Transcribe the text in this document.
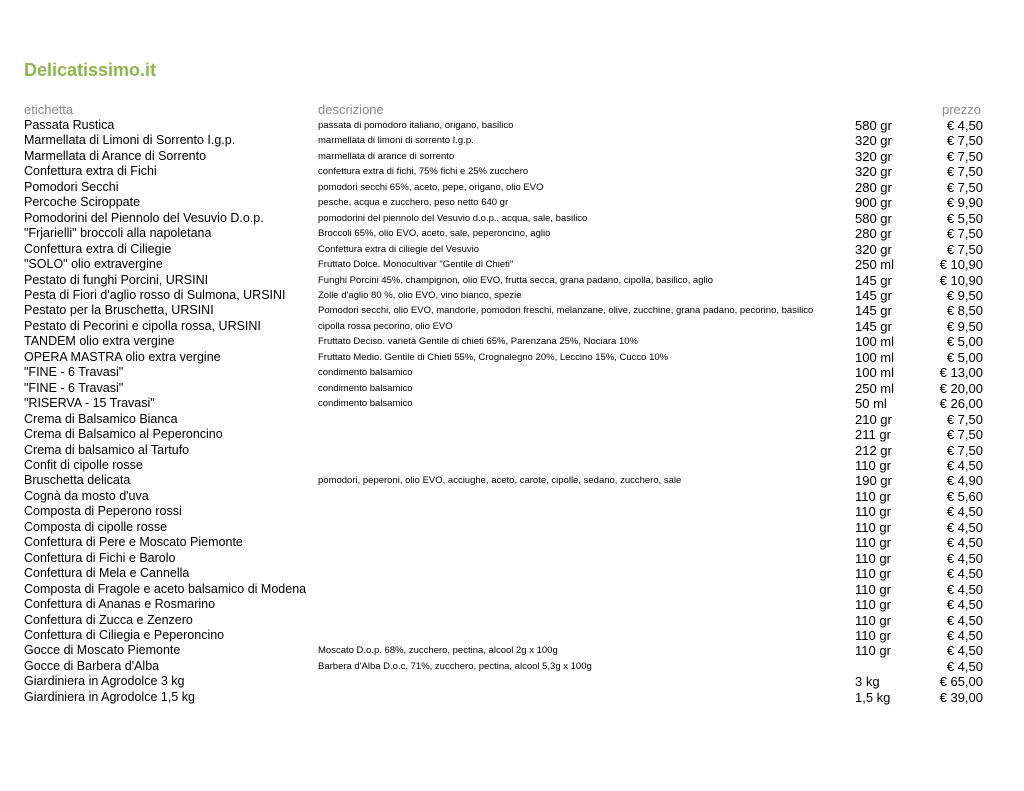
Delicatissimo.it
etichetta	descrizione		prezzo
Passata Rustica	passata di pomodoro italiano, origano, basilico	580 gr	€ 4,50
Marmellata di Limoni di Sorrento I.g.p.	marmellata di limoni di sorrento I.g.p.	320 gr	€ 7,50
Marmellata di Arance di Sorrento	marmellata di arance di sorrento	320 gr	€ 7,50
Confettura extra di Fichi	confettura extra di fichi, 75% fichi e 25% zucchero	320 gr	€ 7,50
Pomodori Secchi	pomodori secchi 65%, aceto, pepe, origano, olio EVO	280 gr	€ 7,50
Percoche Sciroppate	pesche, acqua e zucchero, peso netto 640 gr	900 gr	€ 9,90
Pomodorini del Piennolo del Vesuvio D.o.p.	pomodorini del piennolo del Vesuvio d.o.p., acqua, sale, basilico	580 gr	€ 5,50
"Frjarielli" broccoli alla napoletana	Broccoli 65%, olio EVO, aceto, sale, peperoncino, aglio	280 gr	€ 7,50
Confettura extra di Ciliegie	Confettura extra di ciliegie del Vesuvio	320 gr	€ 7,50
"SOLO" olio extravergine	Fruttato Dolce. Monocultivar "Gentile di Chieti"	250 ml	€ 10,90
Pestato di funghi Porcini, URSINI	Funghi Porcini 45%, champignon, olio EVO, frutta secca, grana padano, cipolla, basilico, aglio	145 gr	€ 10,90
Pesta di Fiori d'aglio rosso di Sulmona, URSINI	Zolle d'aglio 80 %, olio EVO, vino bianco, spezie	145 gr	€ 9,50
Pestato per la Bruschetta, URSINI	Pomodori secchi, olio EVO, mandorle, pomodori freschi, melanzane, olive, zucchine, grana padano, pecorino, basilico	145 gr	€ 8,50
Pestato di Pecorini e cipolla rossa, URSINI	cipolla rossa pecorino, olio EVO	145 gr	€ 9,50
TANDEM olio extra vergine	Fruttato Deciso. varietà Gentile di chieti 65%, Parenzana 25%, Nociara 10%	100 ml	€ 5,00
OPERA MASTRA olio extra vergine	Fruttato Medio. Gentile di Chieti 55%, Crognalegno 20%, Leccino 15%, Cucco 10%	100 ml	€ 5,00
"FINE - 6 Travasi"	condimento balsamico	100 ml	€ 13,00
"FINE - 6 Travasi"	condimento balsamico	250 ml	€ 20,00
"RISERVA - 15 Travasi"	condimento balsamico	50 ml	€ 26,00
Crema di Balsamico Bianca		210 gr	€ 7,50
Crema di Balsamico al Peperoncino		211 gr	€ 7,50
Crema di balsamico al Tartufo		212 gr	€ 7,50
Confit di cipolle rosse		110 gr	€ 4,50
Bruschetta delicata	pomodori, peperoni, olio EVO, acciughe, aceto, carote, cipolle, sedano, zucchero, sale	190 gr	€ 4,90
Cognà da mosto d'uva		110 gr	€ 5,60
Composta di Peperono rossi		110 gr	€ 4,50
Composta di cipolle rosse		110 gr	€ 4,50
Confettura di Pere e Moscato Piemonte		110 gr	€ 4,50
Confettura di Fichi e Barolo		110 gr	€ 4,50
Confettura di Mela e Cannella		110 gr	€ 4,50
Composta di Fragole e aceto balsamico di Modena		110 gr	€ 4,50
Confettura di Ananas e Rosmarino		110 gr	€ 4,50
Confettura di Zucca e Zenzero		110 gr	€ 4,50
Confettura di Ciliegia e Peperoncino		110 gr	€ 4,50
Gocce di Moscato Piemonte	Moscato D.o.p. 68%, zucchero, pectina, alcool 2g x 100g	110 gr	€ 4,50
Gocce di Barbera d'Alba	Barbera d'Alba D.o.c. 71%, zucchero, pectina, alcool 5,3g x 100g		€ 4,50
Giardiniera in Agrodolce 3 kg		3 kg	€ 65,00
Giardiniera in Agrodolce 1,5 kg		1,5 kg	€ 39,00
